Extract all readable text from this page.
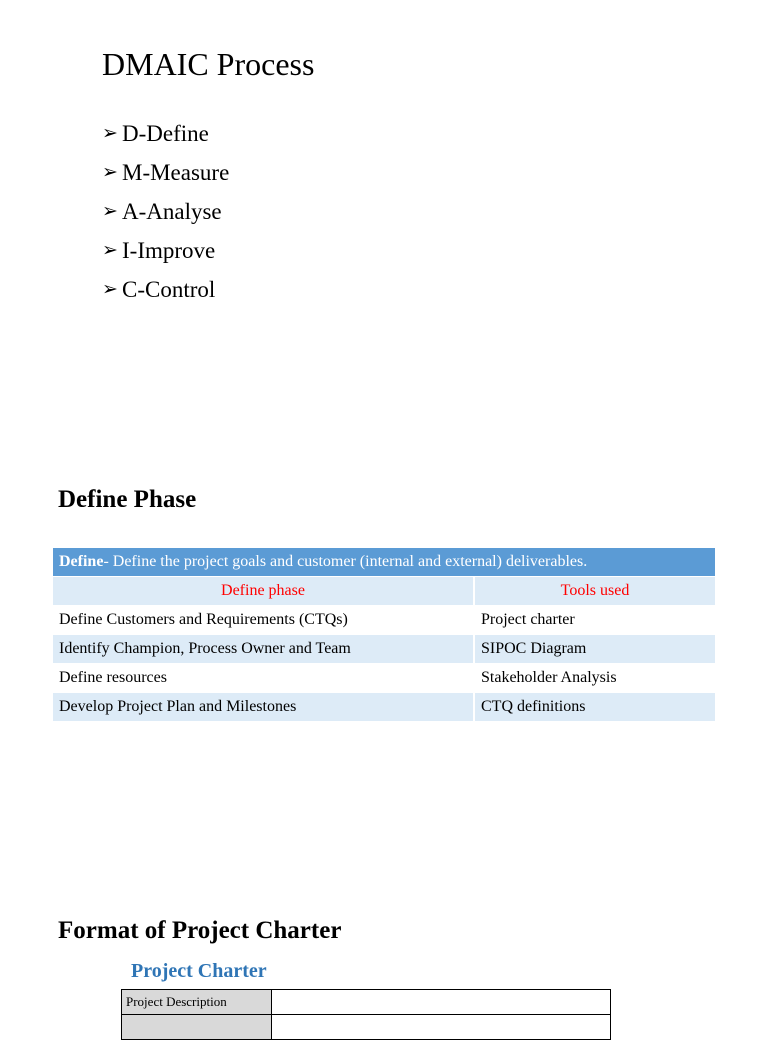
DMAIC Process
➢ D-Define
➢ M-Measure
➢ A-Analyse
➢ I-Improve
➢ C-Control
Define Phase
Define- Define the project goals and customer (internal and external) deliverables.	
Define phase	Tools used
Define Customers and Requirements (CTQs)	Project charter
Identify Champion, Process Owner and Team	SIPOC Diagram
Define resources	Stakeholder Analysis
Develop Project Plan and Milestones	CTQ definitions
Format of Project Charter
Project Charter
Project Description	
